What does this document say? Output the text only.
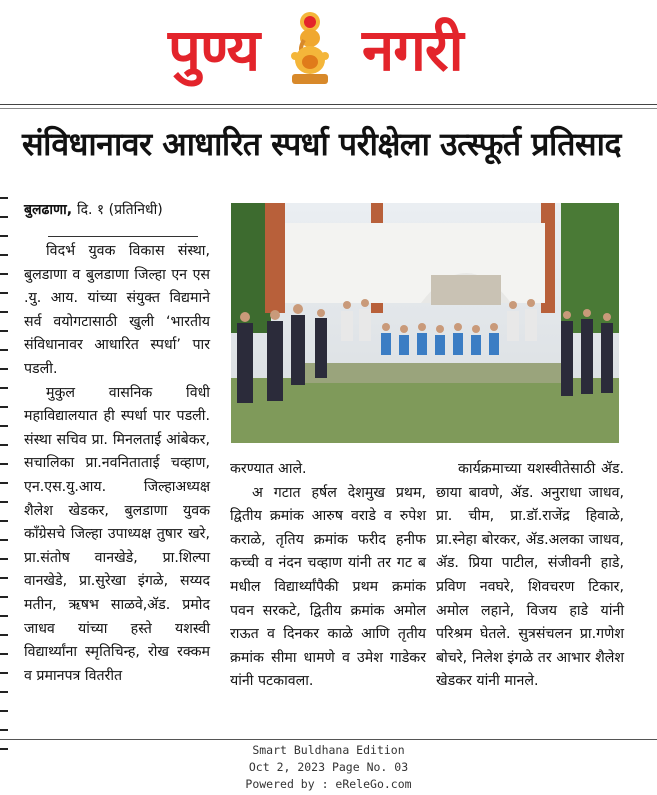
पुण्य नगरी
संविधानावर आधारित स्पर्धा परीक्षेला उत्स्फूर्त प्रतिसाद
बुलढाणा, दि. १ (प्रतिनिधी)

विदर्भ युवक विकास संस्था, बुलडाणा व बुलडाणा जिल्हा एन एस .यु. आय. यांच्या संयुक्त विद्यमाने सर्व वयोगटासाठी खुली ‘भारतीय संविधानावर आधारित स्पर्धा’ पार पडली.

मुकुल वासनिक विधी महाविद्यालयात ही स्पर्धा पार पडली. संस्था सचिव प्रा. मिनलताई आंबेकर, सचालिका प्रा.नवनिताताई चव्हाण, एन.एस.यु.आय. जिल्हाअध्यक्ष शैलेश खेडकर, बुलडाणा युवक कॉंग्रेसचे जिल्हा उपाध्यक्ष तुषार खरे, प्रा.संतोष वानखेडे, प्रा.शिल्पा वानखेडे, प्रा.सुरेखा इंगळे, सय्यद मतीन, ऋषभ साळवे,ॲड. प्रमोद जाधव यांच्या हस्ते यशस्वी विद्यार्थ्यांना स्मृतिचिन्ह, रोख रक्कम व प्रमानपत्र वितरीत

करण्यात आले.

अ गटात हर्षल देशमुख प्रथम, द्वितीय क्रमांक आरुष वराडे व रुपेश कराळे, तृतिय क्रमांक फरीद हनीफ कच्ची व नंदन चव्हाण यांनी तर गट ब मधील विद्यार्थ्यांपैकी प्रथम क्रमांक पवन सरकटे, द्वितीय क्रमांक अमोल राऊत व दिनकर काळे आणि तृतीय क्रमांक सीमा धामणे व उमेश गाडेकर यांनी पटकावला.

कार्यक्रमाच्या यशस्वीतेसाठी ॲड. छाया बावणे, ॲड. अनुराधा जाधव, प्रा. चीम, प्रा.डॉ.राजेंद्र हिवाळे, प्रा.स्नेहा बोरकर, ॲड.अलका जाधव, ॲड. प्रिया पाटील, संजीवनी हाडे, प्रविण नवघरे, शिवचरण टिकार, अमोल लहाने, विजय हाडे यांनी परिश्रम घेतले. सुत्रसंचलन प्रा.गणेश बोचरे, निलेश इंगळे तर आभार शैलेश खेडकर यांनी मानले.

Smart Buldhana Edition
Oct 2, 2023 Page No. 03
Powered by : eReleGo.com
